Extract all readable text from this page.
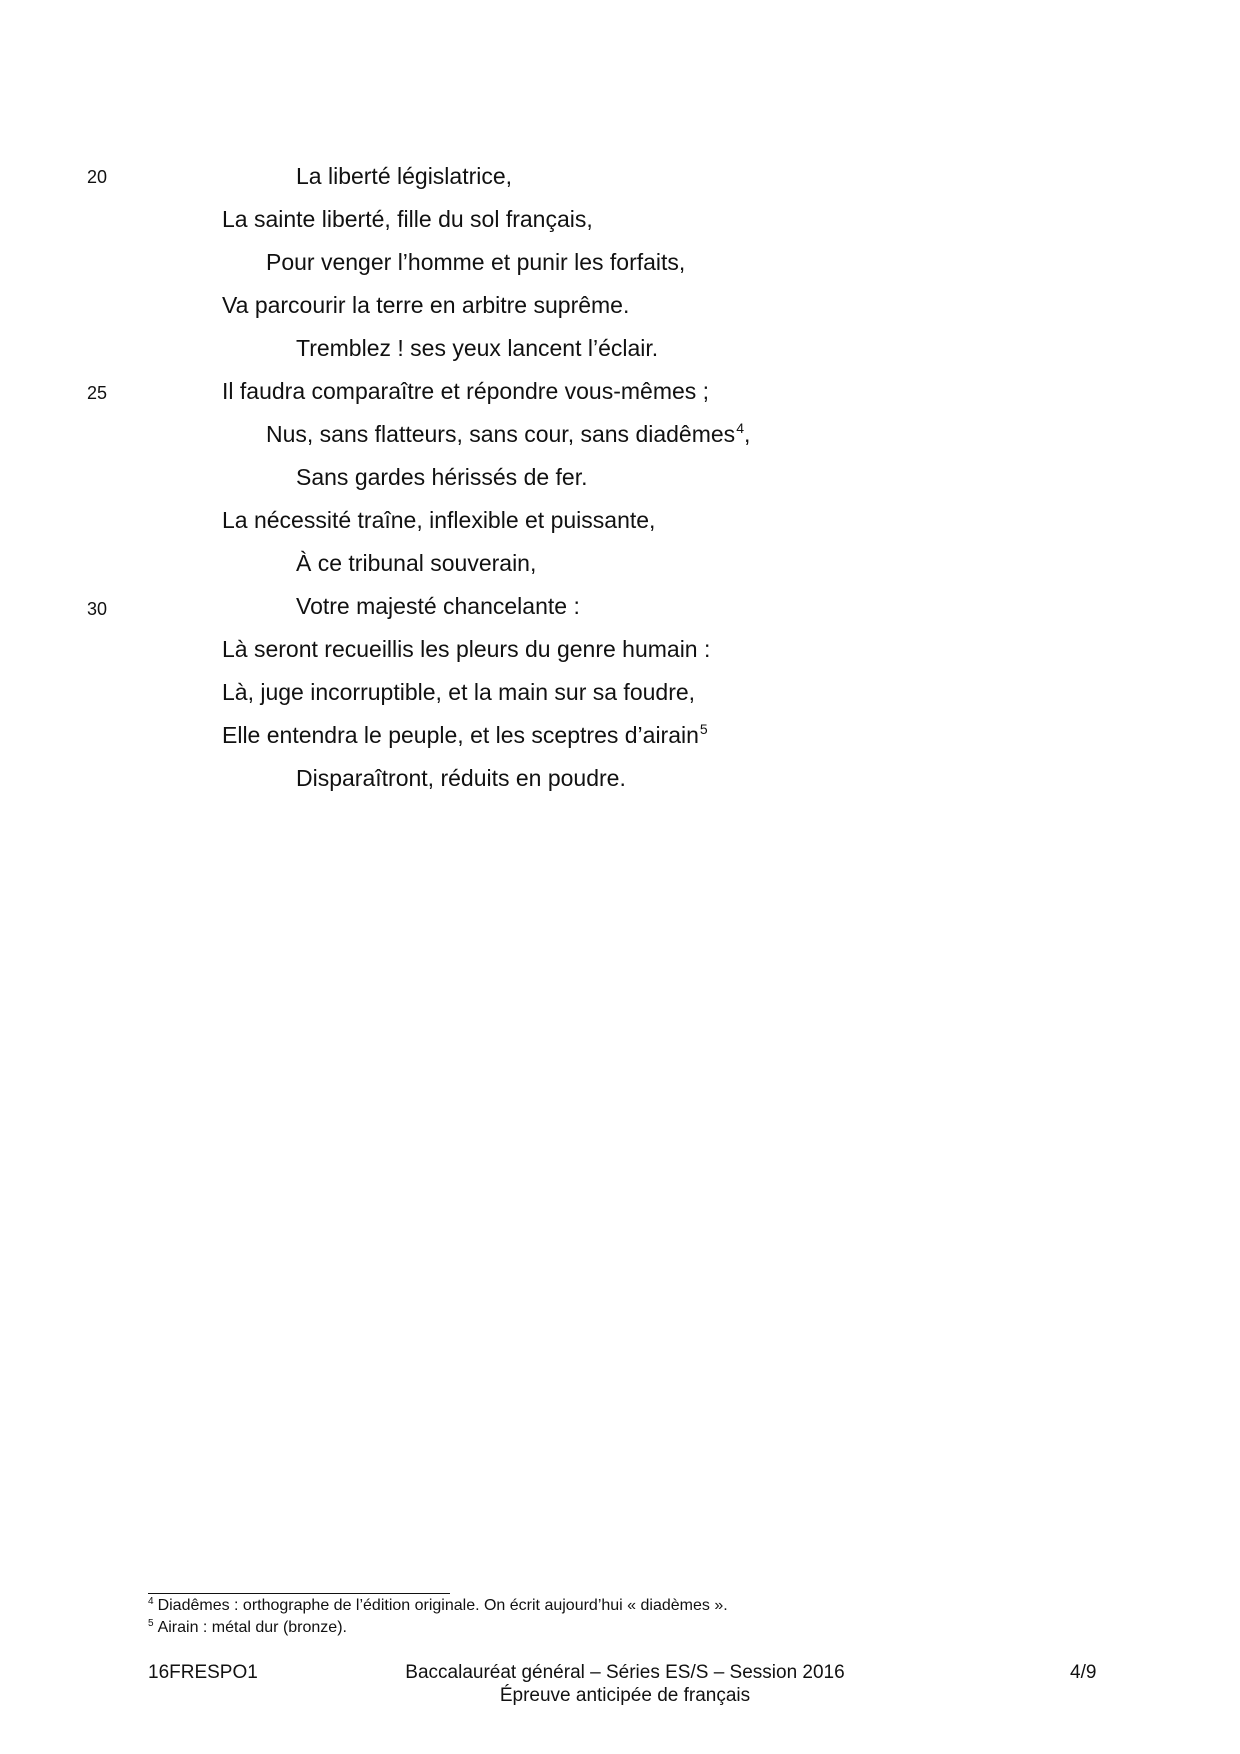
20
25
30
La liberté législatrice,
La sainte liberté, fille du sol français,
Pour venger l’homme et punir les forfaits,
Va parcourir la terre en arbitre suprême.
Tremblez ! ses yeux lancent l’éclair.
Il faudra comparaître et répondre vous-mêmes ;
Nus, sans flatteurs, sans cour, sans diadêmes$^4$,
Sans gardes hérissés de fer.
La nécessité traîne, inflexible et puissante,
À ce tribunal souverain,
Votre majesté chancelante :
Là seront recueillis les pleurs du genre humain :
Là, juge incorruptible, et la main sur sa foudre,
Elle entendra le peuple, et les sceptres d’airain$^5$
Disparaîtront, réduits en poudre.
$^4$ Diadêmes : orthographe de l’édition originale. On écrit aujourd’hui « diadèmes ».
$^5$ Airain : métal dur (bronze).
16FRESPO1	Baccalauréat général – Séries ES/S – Session 2016
Épreuve anticipée de français
4/9
